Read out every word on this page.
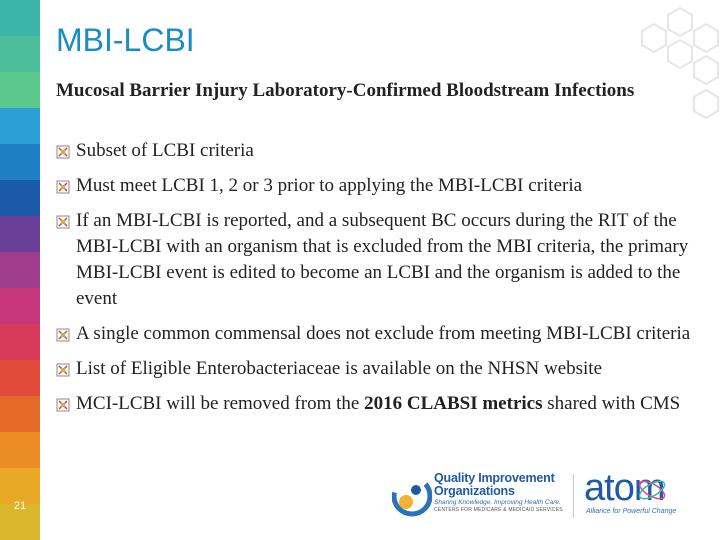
MBI-LCBI
Mucosal Barrier Injury Laboratory-Confirmed Bloodstream Infections
Subset of LCBI criteria
Must meet LCBI 1, 2 or 3 prior to applying the MBI-LCBI criteria
If an MBI-LCBI is reported, and a subsequent BC occurs during the RIT of the MBI-LCBI with an organism that is excluded from the MBI criteria, the primary MBI-LCBI event is edited to become an LCBI and the organism is added to the event
A single common commensal does not exclude from meeting MBI-LCBI criteria
List of Eligible Enterobacteriaceae is available on the NHSN website
MCI-LCBI will be removed from the 2016 CLABSI metrics shared with CMS
21
Quality Improvement
Organizations
Sharing Knowledge. Improving Health Care.
CENTERS FOR MEDICARE & MEDICAID SERVICES
atom
Alliance for Powerful Change
